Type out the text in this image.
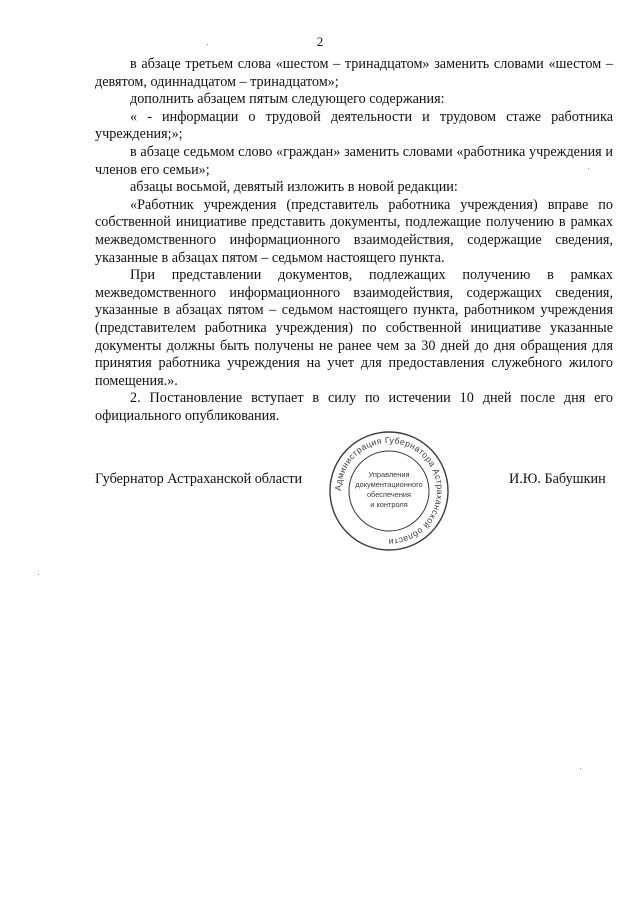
2

в абзаце третьем слова «шестом – тринадцатом» заменить словами «шестом – девятом, одиннадцатом – тринадцатом»;

дополнить абзацем пятым следующего содержания:

« - информации о трудовой деятельности и трудовом стаже работника учреждения;»;

в абзаце седьмом слово «граждан» заменить словами «работника учреждения и членов его семьи»;

абзацы восьмой, девятый изложить в новой редакции:

«Работник учреждения (представитель работника учреждения) вправе по собственной инициативе представить документы, подлежащие получению в рамках межведомственного информационного взаимодействия, содержащие сведения, указанные в абзацах пятом – седьмом настоящего пункта.

При представлении документов, подлежащих получению в рамках межведомственного информационного взаимодействия, содержащих сведения, указанные в абзацах пятом – седьмом настоящего пункта, работником учреждения (представителем работника учреждения) по собственной инициативе указанные документы должны быть получены не ранее чем за 30 дней до дня обращения для принятия работника учреждения на учет для предоставления служебного жилого помещения.».

2. Постановление вступает в силу по истечении 10 дней после дня его официального опубликования.

Губернатор Астраханской области	И.Ю. Бабушкин
Администрация Губернатора Астраханской области
Управления
документационного
обеспечения
и контроля
